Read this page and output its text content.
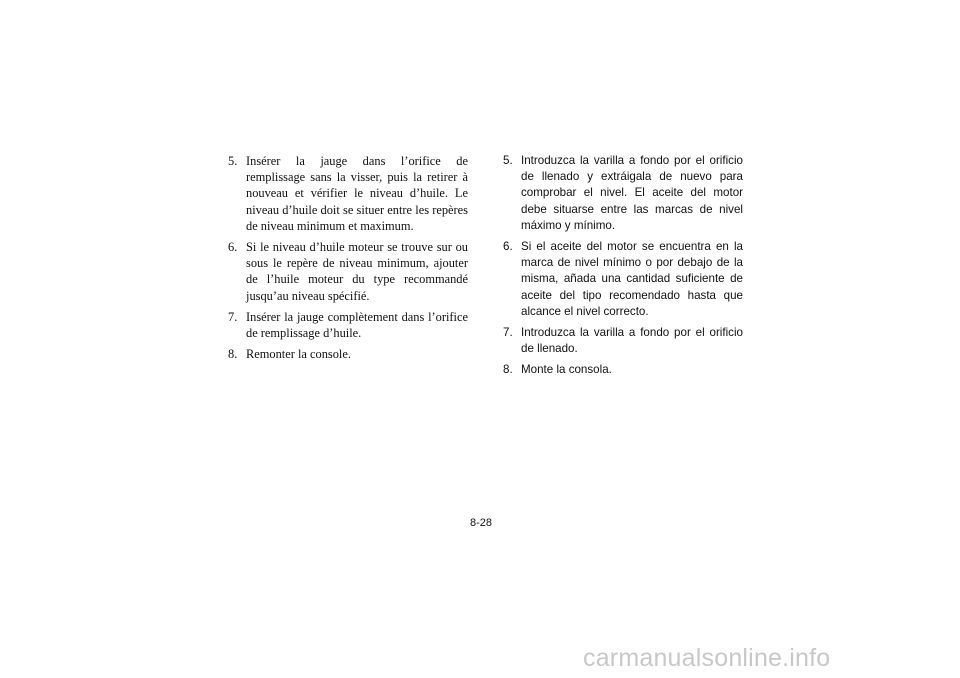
5. Insérer la jauge dans l’orifice de remplissage sans la visser, puis la retirer à nouveau et vérifier le niveau d’huile. Le niveau d’huile doit se situer entre les repères de niveau minimum et maximum.
6. Si le niveau d’huile moteur se trouve sur ou sous le repère de niveau minimum, ajouter de l’huile moteur du type recommandé jusqu’au niveau spécifié.
7. Insérer la jauge complètement dans l’orifice de remplissage d’huile.
8. Remonter la console.
5. Introduzca la varilla a fondo por el orificio de llenado y extráigala de nuevo para comprobar el nivel. El aceite del motor debe situarse entre las marcas de nivel máximo y mínimo.
6. Si el aceite del motor se encuentra en la marca de nivel mínimo o por debajo de la misma, añada una cantidad suficiente de aceite del tipo recomendado hasta que alcance el nivel correcto.
7. Introduzca la varilla a fondo por el orificio de llenado.
8. Monte la consola.
8-28
carmanualsonline.info
